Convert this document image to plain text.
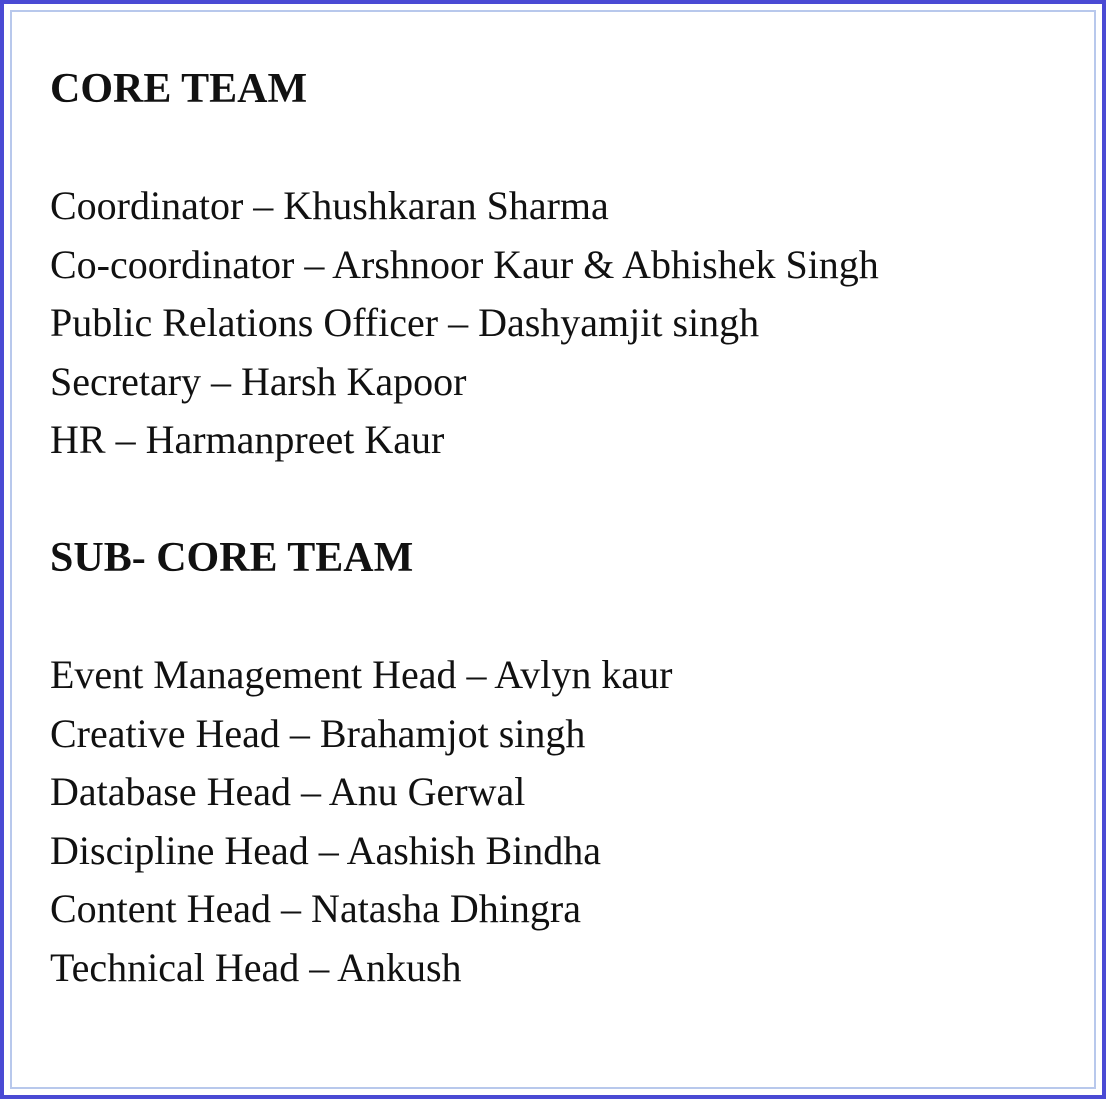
CORE TEAM
Coordinator – Khushkaran Sharma
Co-coordinator – Arshnoor Kaur & Abhishek Singh
Public Relations Officer – Dashyamjit singh
Secretary – Harsh Kapoor
HR – Harmanpreet Kaur
SUB- CORE TEAM
Event Management Head – Avlyn kaur
Creative Head – Brahamjot singh
Database Head – Anu Gerwal
Discipline Head – Aashish Bindha
Content Head – Natasha Dhingra
Technical Head – Ankush
